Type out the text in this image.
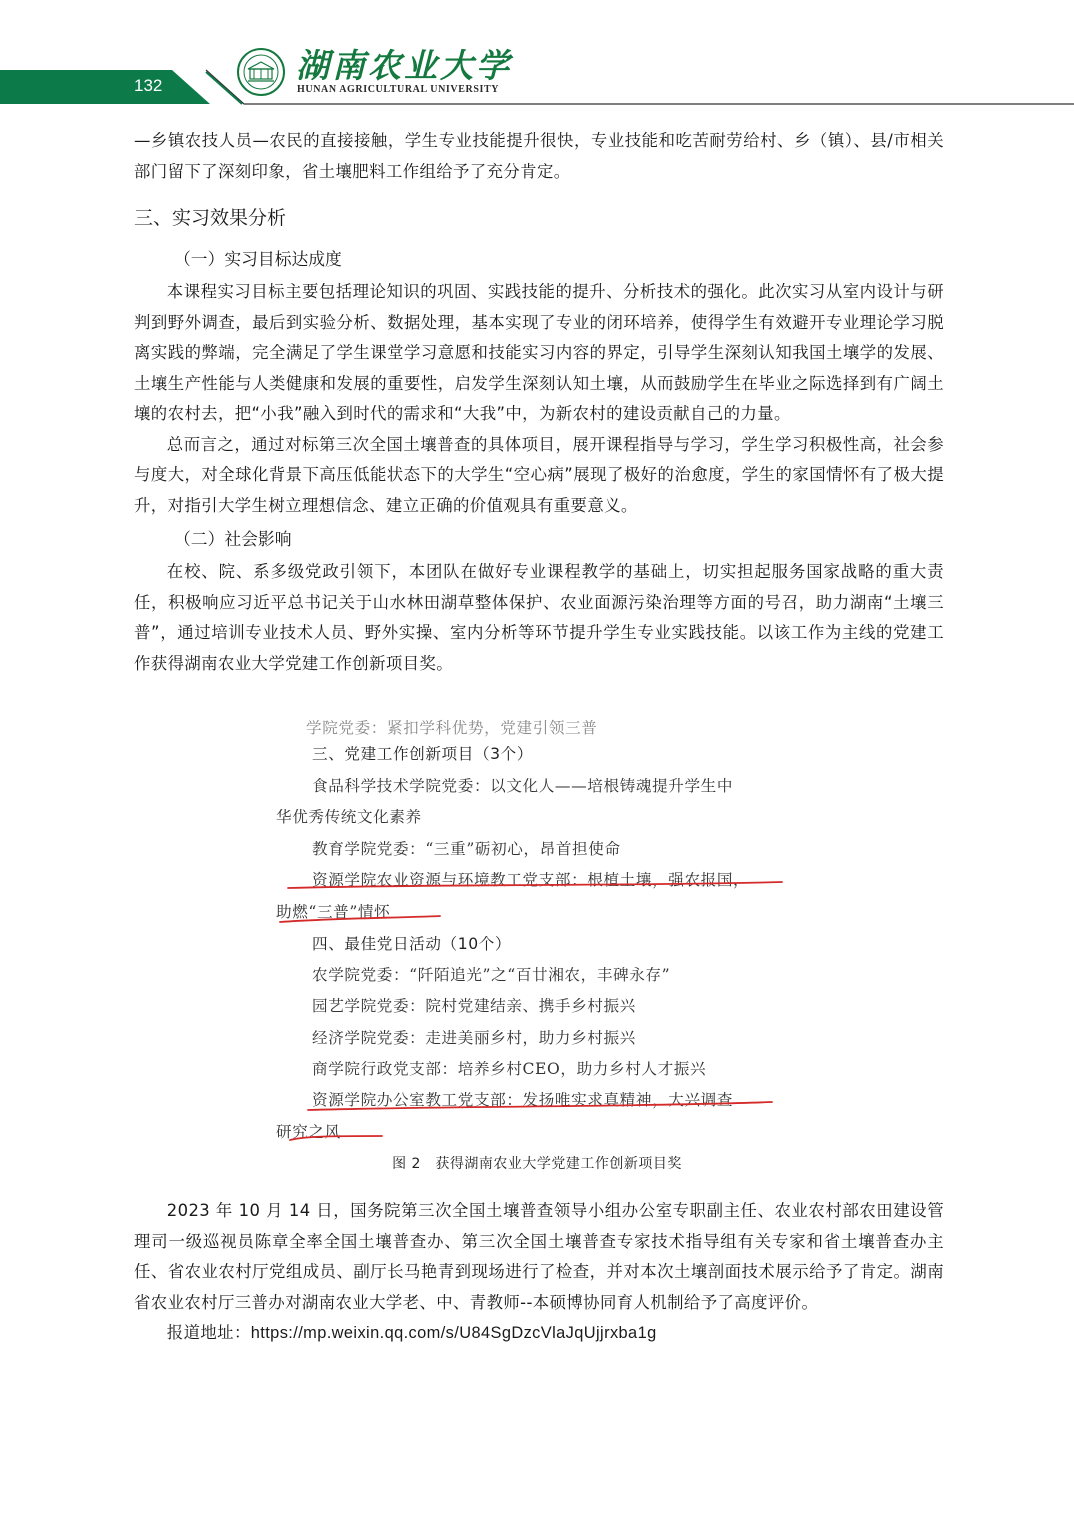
132
湖南农业大学
HUNAN AGRICULTURAL UNIVERSITY

—乡镇农技人员—农民的直接接触，学生专业技能提升很快，专业技能和吃苦耐劳给村、乡（镇）、县/市相关部门留下了深刻印象，省土壤肥料工作组给予了充分肯定。

三、实习效果分析
（一）实习目标达成度

本课程实习目标主要包括理论知识的巩固、实践技能的提升、分析技术的强化。此次实习从室内设计与研判到野外调查，最后到实验分析、数据处理，基本实现了专业的闭环培养，使得学生有效避开专业理论学习脱离实践的弊端，完全满足了学生课堂学习意愿和技能实习内容的界定，引导学生深刻认知我国土壤学的发展、土壤生产性能与人类健康和发展的重要性，启发学生深刻认知土壤，从而鼓励学生在毕业之际选择到有广阔土壤的农村去，把“小我”融入到时代的需求和“大我”中，为新农村的建设贡献自己的力量。

总而言之，通过对标第三次全国土壤普查的具体项目，展开课程指导与学习，学生学习积极性高，社会参与度大，对全球化背景下高压低能状态下的大学生“空心病”展现了极好的治愈度，学生的家国情怀有了极大提升，对指引大学生树立理想信念、建立正确的价值观具有重要意义。

（二）社会影响

在校、院、系多级党政引领下，本团队在做好专业课程教学的基础上，切实担起服务国家战略的重大责任，积极响应习近平总书记关于山水林田湖草整体保护、农业面源污染治理等方面的号召，助力湖南“土壤三普”，通过培训专业技术人员、野外实操、室内分析等环节提升学生专业实践技能。以该工作为主线的党建工作获得湖南农业大学党建工作创新项目奖。

学院党委：紧扣学科优势，党建引领三普
三、党建工作创新项目（3个）
食品科学技术学院党委：以文化人——培根铸魂提升学生中
华优秀传统文化素养
教育学院党委：“三重”砺初心，昂首担使命
资源学院农业资源与环境教工党支部：根植土壤，强农报国，
助燃“三普”情怀
四、最佳党日活动（10个）
农学院党委：“阡陌追光”之“百廿湘农，丰碑永存”
园艺学院党委：院村党建结亲、携手乡村振兴
经济学院党委：走进美丽乡村，助力乡村振兴
商学院行政党支部：培养乡村CEO，助力乡村人才振兴
资源学院办公室教工党支部：发扬唯实求真精神，大兴调查
研究之风
图 2　获得湖南农业大学党建工作创新项目奖

2023 年 10 月 14 日，国务院第三次全国土壤普查领导小组办公室专职副主任、农业农村部农田建设管理司一级巡视员陈章全率全国土壤普查办、第三次全国土壤普查专家技术指导组有关专家和省土壤普查办主任、省农业农村厅党组成员、副厅长马艳青到现场进行了检查，并对本次土壤剖面技术展示给予了肯定。湖南省农业农村厅三普办对湖南农业大学老、中、青教师--本硕博协同育人机制给予了高度评价。

报道地址：https://mp.weixin.qq.com/s/U84SgDzcVlaJqUjjrxba1g
